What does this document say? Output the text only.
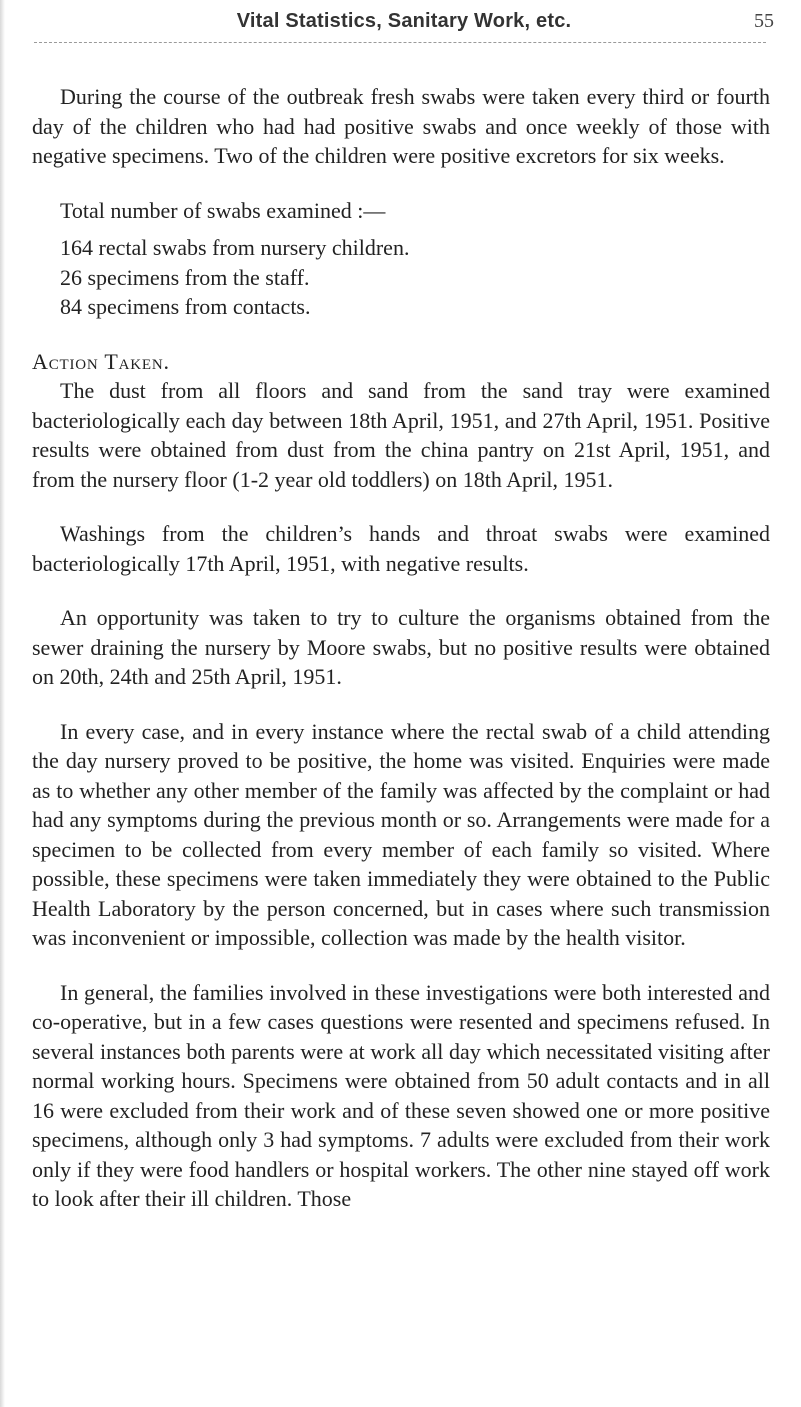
Vital Statistics, Sanitary Work, etc.	55

During the course of the outbreak fresh swabs were taken every third or fourth day of the children who had had positive swabs and once weekly of those with negative specimens. Two of the children were positive excretors for six weeks.

Total number of swabs examined :—

164 rectal swabs from nursery children.
26 specimens from the staff.
84 specimens from contacts.

Action Taken.

The dust from all floors and sand from the sand tray were examined bacteriologically each day between 18th April, 1951, and 27th April, 1951. Positive results were obtained from dust from the china pantry on 21st April, 1951, and from the nursery floor (1-2 year old toddlers) on 18th April, 1951.

Washings from the children’s hands and throat swabs were examined bacteriologically 17th April, 1951, with negative results.

An opportunity was taken to try to culture the organisms obtained from the sewer draining the nursery by Moore swabs, but no positive results were obtained on 20th, 24th and 25th April, 1951.

In every case, and in every instance where the rectal swab of a child attending the day nursery proved to be positive, the home was visited. Enquiries were made as to whether any other member of the family was affected by the complaint or had had any symptoms during the previous month or so. Arrangements were made for a specimen to be collected from every member of each family so visited. Where possible, these specimens were taken immediately they were obtained to the Public Health Laboratory by the person concerned, but in cases where such transmission was inconvenient or impossible, collection was made by the health visitor.

In general, the families involved in these investigations were both interested and co-operative, but in a few cases questions were resented and specimens refused. In several instances both parents were at work all day which necessitated visiting after normal working hours. Specimens were obtained from 50 adult contacts and in all 16 were excluded from their work and of these seven showed one or more positive specimens, although only 3 had symptoms. 7 adults were excluded from their work only if they were food handlers or hospital workers. The other nine stayed off work to look after their ill children. Those
